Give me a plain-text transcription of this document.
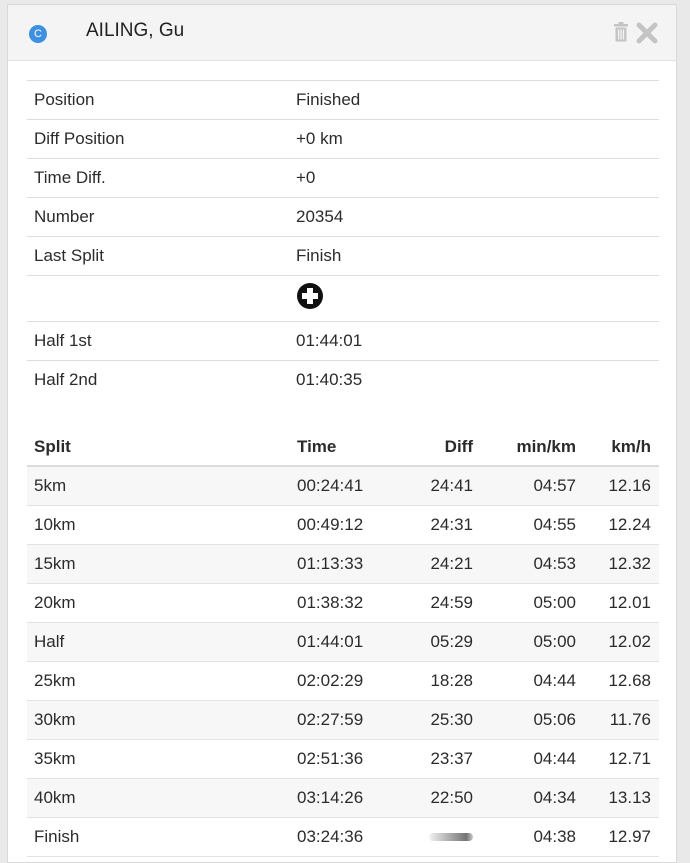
C AILING, Gu
Position	Finished
Diff Position	+0 km
Time Diff.	+0
Number	20354
Last Split	Finish

Half 1st	01:44:01
Half 2nd	01:40:35
Split	Time	Diff	min/km	km/h
5km	00:24:41	24:41	04:57	12.16
10km	00:49:12	24:31	04:55	12.24
15km	01:13:33	24:21	04:53	12.32
20km	01:38:32	24:59	05:00	12.01
Half	01:44:01	05:29	05:00	12.02
25km	02:02:29	18:28	04:44	12.68
30km	02:27:59	25:30	05:06	11.76
35km	02:51:36	23:37	04:44	12.71
40km	03:14:26	22:50	04:34	13.13
Finish	03:24:36		04:38	12.97
